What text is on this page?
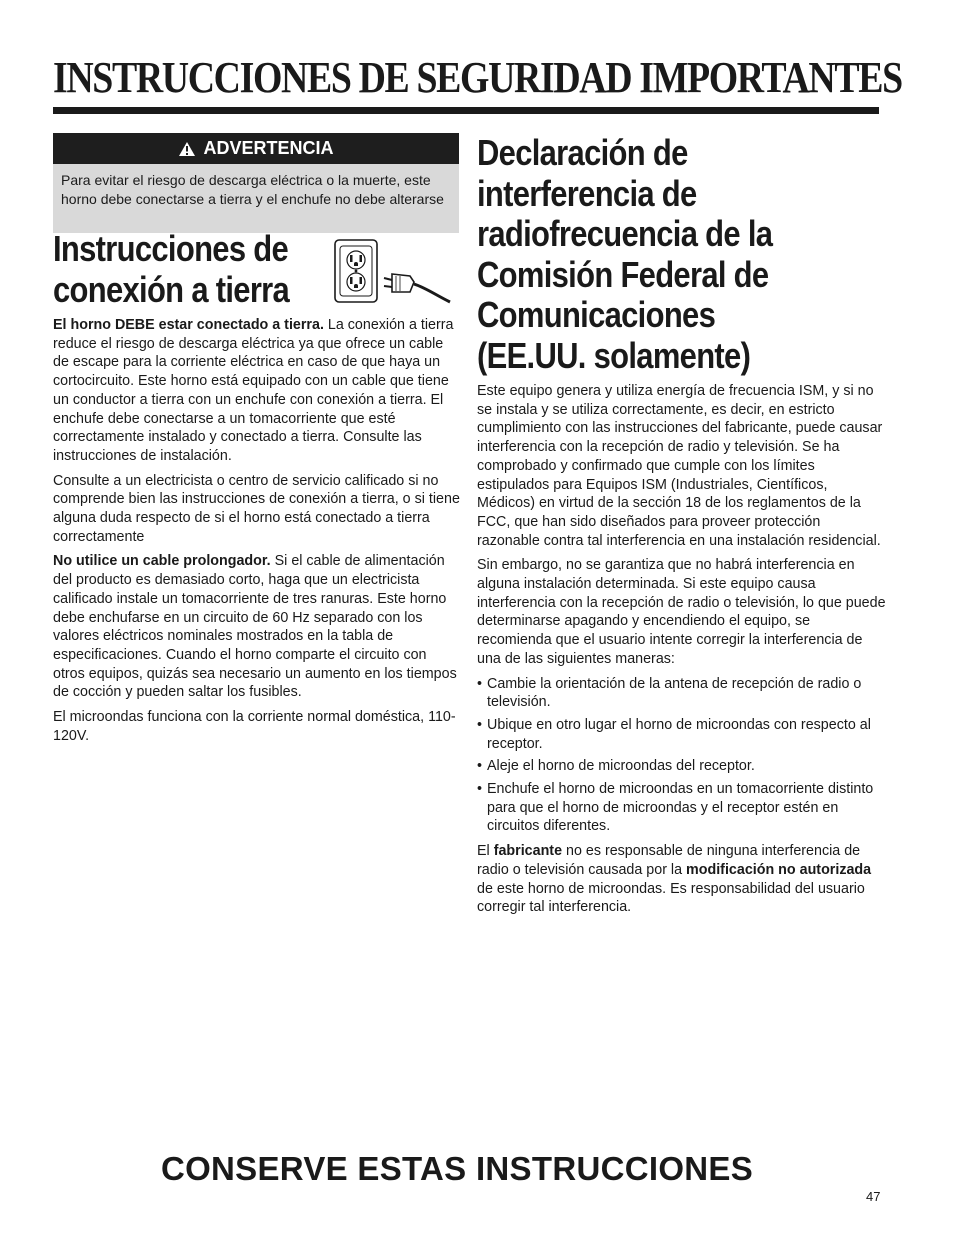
INSTRUCCIONES DE SEGURIDAD IMPORTANTES
ADVERTENCIA
Para evitar el riesgo de descarga eléctrica o la muerte, este horno debe conectarse a tierra y el enchufe no debe alterarse
Instrucciones de
conexión a tierra

El horno DEBE estar conectado a tierra. La conexión a tierra reduce el riesgo de descarga eléctrica ya que ofrece un cable de escape para la corriente eléctrica en caso de que haya un cortocircuito. Este horno está equipado con un cable que tiene un conductor a tierra con un enchufe con conexión a tierra. El enchufe debe conectarse a un tomacorriente que esté correctamente instalado y conectado a tierra. Consulte las instrucciones de instalación.

Consulte a un electricista o centro de servicio calificado si no comprende bien las instrucciones de conexión a tierra, o si tiene alguna duda respecto de si el horno está conectado a tierra correctamente

No utilice un cable prolongador. Si el cable de alimentación del producto es demasiado corto, haga que un electricista calificado instale un tomacorriente de tres ranuras. Este horno debe enchufarse en un circuito de 60 Hz separado con los valores eléctricos nominales mostrados en la tabla de especificaciones. Cuando el horno comparte el circuito con otros equipos, quizás sea necesario un aumento en los tiempos de cocción y pueden saltar los fusibles.

El microondas funciona con la corriente normal doméstica, 110-120V.

Declaración de
interferencia de
radiofrecuencia de la
Comisión Federal de
Comunicaciones
(EE.UU. solamente)

Este equipo genera y utiliza energía de frecuencia ISM, y si no se instala y se utiliza correctamente, es decir, en estricto cumplimiento con las instrucciones del fabricante, puede causar interferencia con la recepción de radio y televisión. Se ha comprobado y confirmado que cumple con los límites estipulados para Equipos ISM (Industriales, Científicos, Médicos) en virtud de la sección 18 de los reglamentos de la FCC, que han sido diseñados para proveer protección razonable contra tal interferencia en una instalación residencial.

Sin embargo, no se garantiza que no habrá interferencia en alguna instalación determinada. Si este equipo causa interferencia con la recepción de radio o televisión, lo que puede determinarse apagando y encendiendo el equipo, se recomienda que el usuario intente corregir la interferencia de una de las siguientes maneras:

• Cambie la orientación de la antena de recepción de radio o televisión.
• Ubique en otro lugar el horno de microondas con respecto al receptor.
• Aleje el horno de microondas del receptor.
• Enchufe el horno de microondas en un tomacorriente distinto para que el horno de microondas y el receptor estén en circuitos diferentes.

El fabricante no es responsable de ninguna interferencia de radio o televisión causada por la modificación no autorizada de este horno de microondas. Es responsabilidad del usuario corregir tal interferencia.

CONSERVE ESTAS INSTRUCCIONES
47
